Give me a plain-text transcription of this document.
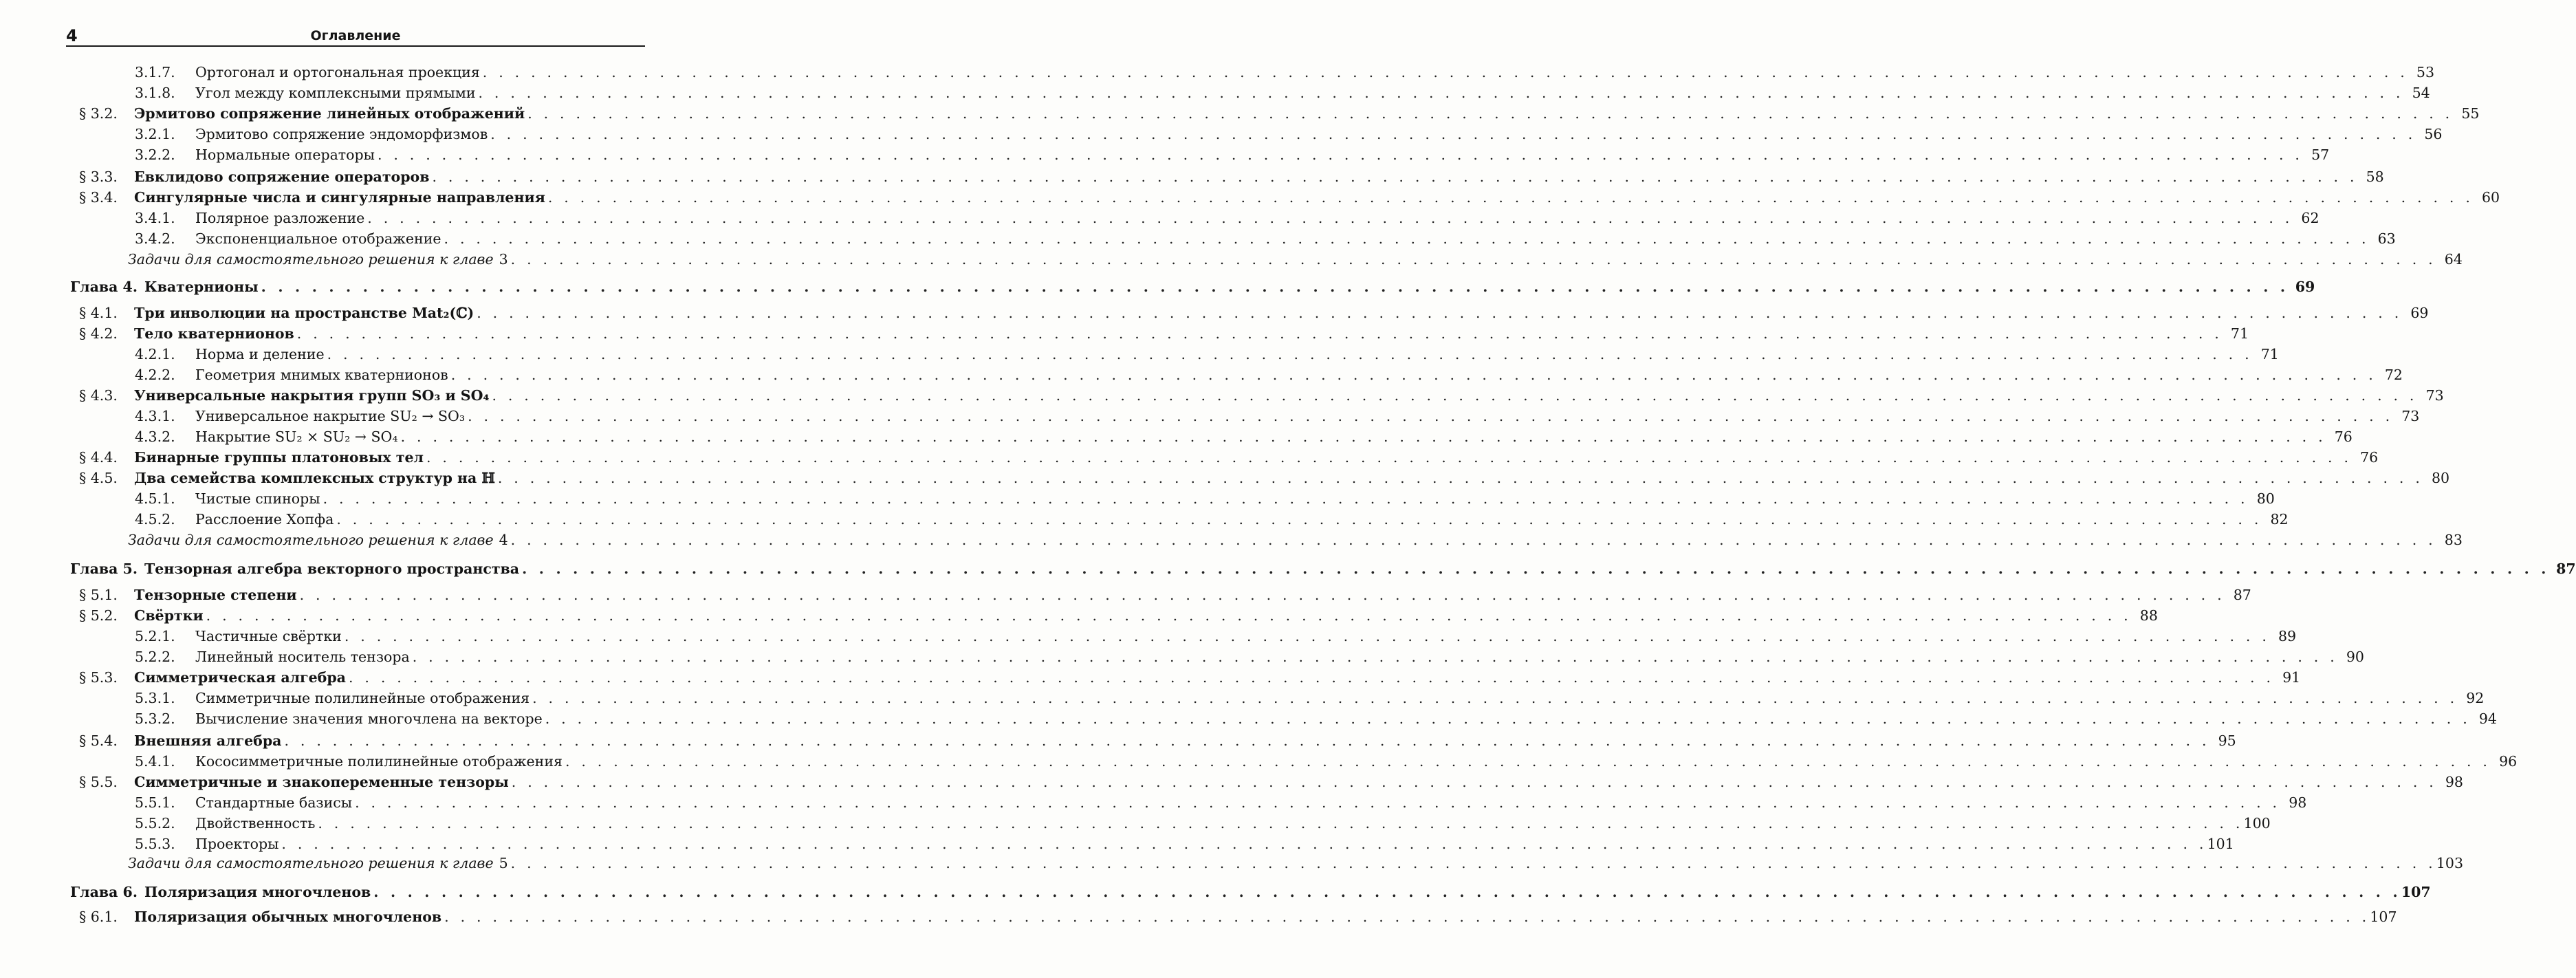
4	Оглавление
3.1.7.	Ортогонал и ортогональная проекция . . . . . . . . . . . . . . . . . . . . . . . . . . . . . . . . . . . . . . . . . . . . . . . . . . . . . . . . . . . . . . . . . . . . . . . . . . . . . . . . . . . . . . . . . . . . . . . . . . . . . . . . . . . . . . . . . . . . . . . . 53
3.1.8.	Угол между комплексными прямыми . . . . . . . . . . . . . . . . . . . . . . . . . . . . . . . . . . . . . . . . . . . . . . . . . . . . . . . . . . . . . . . . . . . . . . . . . . . . . . . . . . . . . . . . . . . . . . . . . . . . . . . . . . . . . . . . . . . . . . . . 54
§ 3.2.	Эрмитово сопряжение линейных отображений . . . . . . . . . . . . . . . . . . . . . . . . . . . . . . . . . . . . . . . . . . . . . . . . . . . . . . . . . . . . . . . . . . . . . . . . . . . . . . . . . . . . . . . . . . . . . . . . . . . . . . . . . . . . . . . . . . . . . . . . 55
3.2.1.	Эрмитово сопряжение эндоморфизмов . . . . . . . . . . . . . . . . . . . . . . . . . . . . . . . . . . . . . . . . . . . . . . . . . . . . . . . . . . . . . . . . . . . . . . . . . . . . . . . . . . . . . . . . . . . . . . . . . . . . . . . . . . . . . . . . . . . . . . . . 56
3.2.2.	Нормальные операторы . . . . . . . . . . . . . . . . . . . . . . . . . . . . . . . . . . . . . . . . . . . . . . . . . . . . . . . . . . . . . . . . . . . . . . . . . . . . . . . . . . . . . . . . . . . . . . . . . . . . . . . . . . . . . . . . . . . . . . . . 57
§ 3.3.	Евклидово сопряжение операторов . . . . . . . . . . . . . . . . . . . . . . . . . . . . . . . . . . . . . . . . . . . . . . . . . . . . . . . . . . . . . . . . . . . . . . . . . . . . . . . . . . . . . . . . . . . . . . . . . . . . . . . . . . . . . . . . . . . . . . . . 58
§ 3.4.	Сингулярные числа и сингулярные направления . . . . . . . . . . . . . . . . . . . . . . . . . . . . . . . . . . . . . . . . . . . . . . . . . . . . . . . . . . . . . . . . . . . . . . . . . . . . . . . . . . . . . . . . . . . . . . . . . . . . . . . . . . . . . . . . . . . . . . . . 60
3.4.1.	Полярное разложение . . . . . . . . . . . . . . . . . . . . . . . . . . . . . . . . . . . . . . . . . . . . . . . . . . . . . . . . . . . . . . . . . . . . . . . . . . . . . . . . . . . . . . . . . . . . . . . . . . . . . . . . . . . . . . . . . . . . . . . . 62
3.4.2.	Экспоненциальное отображение . . . . . . . . . . . . . . . . . . . . . . . . . . . . . . . . . . . . . . . . . . . . . . . . . . . . . . . . . . . . . . . . . . . . . . . . . . . . . . . . . . . . . . . . . . . . . . . . . . . . . . . . . . . . . . . . . . . . . . . . 63
Задачи для самостоятельного решения к главе 3 . . . . . . . . . . . . . . . . . . . . . . . . . . . . . . . . . . . . . . . . . . . . . . . . . . . . . . . . . . . . . . . . . . . . . . . . . . . . . . . . . . . . . . . . . . . . . . . . . . . . . . . . . . . . . . . . . . . . . . . . 64
Глава 4. Кватернионы . . . . . . . . . . . . . . . . . . . . . . . . . . . . . . . . . . . . . . . . . . . . . . . . . . . . . . . . . . . . . . . . . . . . . . . . . . . . . . . . . . . . . . . . . . . . . . . . . . . . . . . . . . . . . . . . . . . . . . . . 69
§ 4.1.	Три инволюции на пространстве Mat₂(ℂ) . . . . . . . . . . . . . . . . . . . . . . . . . . . . . . . . . . . . . . . . . . . . . . . . . . . . . . . . . . . . . . . . . . . . . . . . . . . . . . . . . . . . . . . . . . . . . . . . . . . . . . . . . . . . . . . . . . . . . . . . 69
§ 4.2.	Тело кватернионов . . . . . . . . . . . . . . . . . . . . . . . . . . . . . . . . . . . . . . . . . . . . . . . . . . . . . . . . . . . . . . . . . . . . . . . . . . . . . . . . . . . . . . . . . . . . . . . . . . . . . . . . . . . . . . . . . . . . . . . . 71
4.2.1.	Норма и деление . . . . . . . . . . . . . . . . . . . . . . . . . . . . . . . . . . . . . . . . . . . . . . . . . . . . . . . . . . . . . . . . . . . . . . . . . . . . . . . . . . . . . . . . . . . . . . . . . . . . . . . . . . . . . . . . . . . . . . . . 71
4.2.2.	Геометрия мнимых кватернионов . . . . . . . . . . . . . . . . . . . . . . . . . . . . . . . . . . . . . . . . . . . . . . . . . . . . . . . . . . . . . . . . . . . . . . . . . . . . . . . . . . . . . . . . . . . . . . . . . . . . . . . . . . . . . . . . . . . . . . . . 72
§ 4.3.	Универсальные накрытия групп SO₃ и SO₄ . . . . . . . . . . . . . . . . . . . . . . . . . . . . . . . . . . . . . . . . . . . . . . . . . . . . . . . . . . . . . . . . . . . . . . . . . . . . . . . . . . . . . . . . . . . . . . . . . . . . . . . . . . . . . . . . . . . . . . . . 73
4.3.1.	Универсальное накрытие SU₂ → SO₃ . . . . . . . . . . . . . . . . . . . . . . . . . . . . . . . . . . . . . . . . . . . . . . . . . . . . . . . . . . . . . . . . . . . . . . . . . . . . . . . . . . . . . . . . . . . . . . . . . . . . . . . . . . . . . . . . . . . . . . . . 73
4.3.2.	Накрытие SU₂ × SU₂ → SO₄ . . . . . . . . . . . . . . . . . . . . . . . . . . . . . . . . . . . . . . . . . . . . . . . . . . . . . . . . . . . . . . . . . . . . . . . . . . . . . . . . . . . . . . . . . . . . . . . . . . . . . . . . . . . . . . . . . . . . . . . . 76
§ 4.4.	Бинарные группы платоновых тел . . . . . . . . . . . . . . . . . . . . . . . . . . . . . . . . . . . . . . . . . . . . . . . . . . . . . . . . . . . . . . . . . . . . . . . . . . . . . . . . . . . . . . . . . . . . . . . . . . . . . . . . . . . . . . . . . . . . . . . . 76
§ 4.5.	Два семейства комплексных структур на ℍ . . . . . . . . . . . . . . . . . . . . . . . . . . . . . . . . . . . . . . . . . . . . . . . . . . . . . . . . . . . . . . . . . . . . . . . . . . . . . . . . . . . . . . . . . . . . . . . . . . . . . . . . . . . . . . . . . . . . . . . . 80
4.5.1.	Чистые спиноры . . . . . . . . . . . . . . . . . . . . . . . . . . . . . . . . . . . . . . . . . . . . . . . . . . . . . . . . . . . . . . . . . . . . . . . . . . . . . . . . . . . . . . . . . . . . . . . . . . . . . . . . . . . . . . . . . . . . . . . . 80
4.5.2.	Расслоение Хопфа . . . . . . . . . . . . . . . . . . . . . . . . . . . . . . . . . . . . . . . . . . . . . . . . . . . . . . . . . . . . . . . . . . . . . . . . . . . . . . . . . . . . . . . . . . . . . . . . . . . . . . . . . . . . . . . . . . . . . . . . 82
Задачи для самостоятельного решения к главе 4 . . . . . . . . . . . . . . . . . . . . . . . . . . . . . . . . . . . . . . . . . . . . . . . . . . . . . . . . . . . . . . . . . . . . . . . . . . . . . . . . . . . . . . . . . . . . . . . . . . . . . . . . . . . . . . . . . . . . . . . . 83
Глава 5. Тензорная алгебра векторного пространства . . . . . . . . . . . . . . . . . . . . . . . . . . . . . . . . . . . . . . . . . . . . . . . . . . . . . . . . . . . . . . . . . . . . . . . . . . . . . . . . . . . . . . . . . . . . . . . . . . . . . . . . . . . . . . . . . . . . . . . . 87
§ 5.1.	Тензорные степени . . . . . . . . . . . . . . . . . . . . . . . . . . . . . . . . . . . . . . . . . . . . . . . . . . . . . . . . . . . . . . . . . . . . . . . . . . . . . . . . . . . . . . . . . . . . . . . . . . . . . . . . . . . . . . . . . . . . . . . . 87
§ 5.2.	Свёртки . . . . . . . . . . . . . . . . . . . . . . . . . . . . . . . . . . . . . . . . . . . . . . . . . . . . . . . . . . . . . . . . . . . . . . . . . . . . . . . . . . . . . . . . . . . . . . . . . . . . . . . . . . . . . . . . . . . . . . . . 88
5.2.1.	Частичные свёртки . . . . . . . . . . . . . . . . . . . . . . . . . . . . . . . . . . . . . . . . . . . . . . . . . . . . . . . . . . . . . . . . . . . . . . . . . . . . . . . . . . . . . . . . . . . . . . . . . . . . . . . . . . . . . . . . . . . . . . . . 89
5.2.2.	Линейный носитель тензора . . . . . . . . . . . . . . . . . . . . . . . . . . . . . . . . . . . . . . . . . . . . . . . . . . . . . . . . . . . . . . . . . . . . . . . . . . . . . . . . . . . . . . . . . . . . . . . . . . . . . . . . . . . . . . . . . . . . . . . . 90
§ 5.3.	Симметрическая алгебра . . . . . . . . . . . . . . . . . . . . . . . . . . . . . . . . . . . . . . . . . . . . . . . . . . . . . . . . . . . . . . . . . . . . . . . . . . . . . . . . . . . . . . . . . . . . . . . . . . . . . . . . . . . . . . . . . . . . . . . . 91
5.3.1.	Симметричные полилинейные отображения . . . . . . . . . . . . . . . . . . . . . . . . . . . . . . . . . . . . . . . . . . . . . . . . . . . . . . . . . . . . . . . . . . . . . . . . . . . . . . . . . . . . . . . . . . . . . . . . . . . . . . . . . . . . . . . . . . . . . . . . 92
5.3.2.	Вычисление значения многочлена на векторе . . . . . . . . . . . . . . . . . . . . . . . . . . . . . . . . . . . . . . . . . . . . . . . . . . . . . . . . . . . . . . . . . . . . . . . . . . . . . . . . . . . . . . . . . . . . . . . . . . . . . . . . . . . . . . . . . . . . . . . . 94
§ 5.4.	Внешняя алгебра . . . . . . . . . . . . . . . . . . . . . . . . . . . . . . . . . . . . . . . . . . . . . . . . . . . . . . . . . . . . . . . . . . . . . . . . . . . . . . . . . . . . . . . . . . . . . . . . . . . . . . . . . . . . . . . . . . . . . . . . 95
5.4.1.	Кососимметричные полилинейные отображения . . . . . . . . . . . . . . . . . . . . . . . . . . . . . . . . . . . . . . . . . . . . . . . . . . . . . . . . . . . . . . . . . . . . . . . . . . . . . . . . . . . . . . . . . . . . . . . . . . . . . . . . . . . . . . . . . . . . . . . . 96
§ 5.5.	Симметричные и знакопеременные тензоры . . . . . . . . . . . . . . . . . . . . . . . . . . . . . . . . . . . . . . . . . . . . . . . . . . . . . . . . . . . . . . . . . . . . . . . . . . . . . . . . . . . . . . . . . . . . . . . . . . . . . . . . . . . . . . . . . . . . . . . . 98
5.5.1.	Стандартные базисы . . . . . . . . . . . . . . . . . . . . . . . . . . . . . . . . . . . . . . . . . . . . . . . . . . . . . . . . . . . . . . . . . . . . . . . . . . . . . . . . . . . . . . . . . . . . . . . . . . . . . . . . . . . . . . . . . . . . . . . . 98
5.5.2.	Двойственность . . . . . . . . . . . . . . . . . . . . . . . . . . . . . . . . . . . . . . . . . . . . . . . . . . . . . . . . . . . . . . . . . . . . . . . . . . . . . . . . . . . . . . . . . . . . . . . . . . . . . . . . . . . . . . . . . . . . . . . . 100
5.5.3.	Проекторы . . . . . . . . . . . . . . . . . . . . . . . . . . . . . . . . . . . . . . . . . . . . . . . . . . . . . . . . . . . . . . . . . . . . . . . . . . . . . . . . . . . . . . . . . . . . . . . . . . . . . . . . . . . . . . . . . . . . . . . . 101
Задачи для самостоятельного решения к главе 5 . . . . . . . . . . . . . . . . . . . . . . . . . . . . . . . . . . . . . . . . . . . . . . . . . . . . . . . . . . . . . . . . . . . . . . . . . . . . . . . . . . . . . . . . . . . . . . . . . . . . . . . . . . . . . . . . . . . . . . . . 103
Глава 6. Поляризация многочленов . . . . . . . . . . . . . . . . . . . . . . . . . . . . . . . . . . . . . . . . . . . . . . . . . . . . . . . . . . . . . . . . . . . . . . . . . . . . . . . . . . . . . . . . . . . . . . . . . . . . . . . . . . . . . . . . . . . . . . . . 107
§ 6.1.	Поляризация обычных многочленов . . . . . . . . . . . . . . . . . . . . . . . . . . . . . . . . . . . . . . . . . . . . . . . . . . . . . . . . . . . . . . . . . . . . . . . . . . . . . . . . . . . . . . . . . . . . . . . . . . . . . . . . . . . . . . . . . . . . . . . . 107
